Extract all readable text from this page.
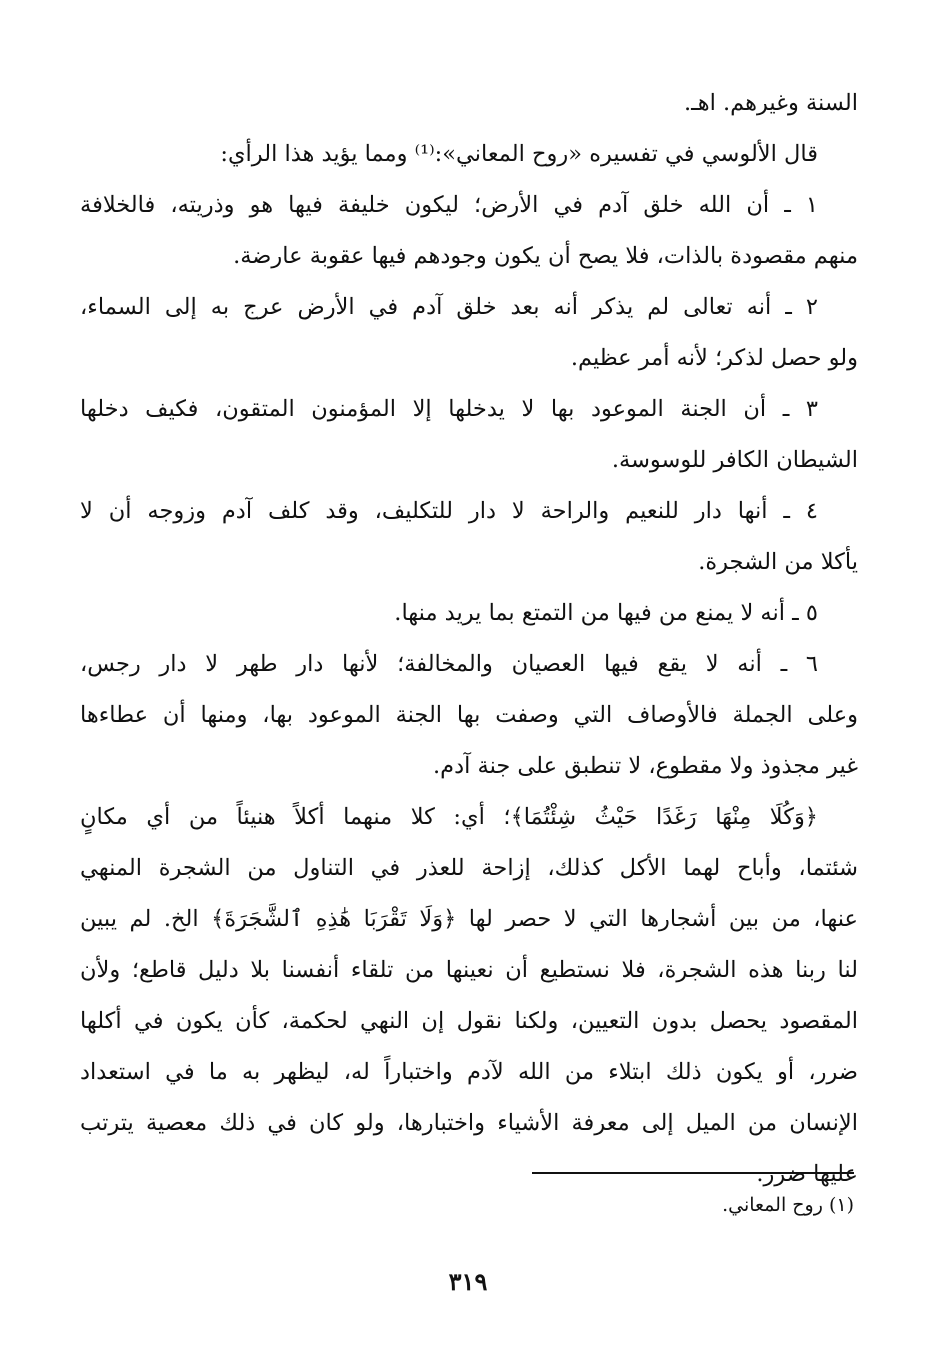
السنة وغيرهم. اهـ.
قال الألوسي في تفسيره «روح المعاني»:⁽¹⁾ ومما يؤيد هذا الرأي:
١ ـ أن الله خلق آدم في الأرض؛ ليكون خليفة فيها هو وذريته، فالخلافة
منهم مقصودة بالذات، فلا يصح أن يكون وجودهم فيها عقوبة عارضة.
٢ ـ أنه تعالى لم يذكر أنه بعد خلق آدم في الأرض عرج به إلى السماء،
ولو حصل لذكر؛ لأنه أمر عظيم.
٣ ـ أن الجنة الموعود بها لا يدخلها إلا المؤمنون المتقون، فكيف دخلها
الشيطان الكافر للوسوسة.
٤ ـ أنها دار للنعيم والراحة لا دار للتكليف، وقد كلف آدم وزوجه أن لا
يأكلا من الشجرة.
٥ ـ أنه لا يمنع من فيها من التمتع بما يريد منها.
٦ ـ أنه لا يقع فيها العصيان والمخالفة؛ لأنها دار طهر لا دار رجس،
وعلى الجملة فالأوصاف التي وصفت بها الجنة الموعود بها، ومنها أن عطاءها
غير مجذوذ ولا مقطوع، لا تنطبق على جنة آدم.
﴿وَكُلَا مِنْهَا رَغَدًا حَيْثُ شِئْتُمَا﴾؛ أي: كلا منهما أكلاً هنيئاً من أي مكانٍ
شئتما، وأباح لهما الأكل كذلك، إزاحة للعذر في التناول من الشجرة المنهي
عنها، من بين أشجارها التي لا حصر لها ﴿وَلَا تَقْرَبَا هَٰذِهِ ٱلشَّجَرَةَ﴾ الخ. لم يبين
لنا ربنا هذه الشجرة، فلا نستطيع أن نعينها من تلقاء أنفسنا بلا دليل قاطع؛ ولأن
المقصود يحصل بدون التعيين، ولكنا نقول إن النهي لحكمة، كأن يكون في أكلها
ضرر، أو يكون ذلك ابتلاء من الله لآدم واختباراً له، ليظهر به ما في استعداد
الإنسان من الميل إلى معرفة الأشياء واختبارها، ولو كان في ذلك معصية يترتب
عليها ضرر.
(١) روح المعاني.
٣١٩
